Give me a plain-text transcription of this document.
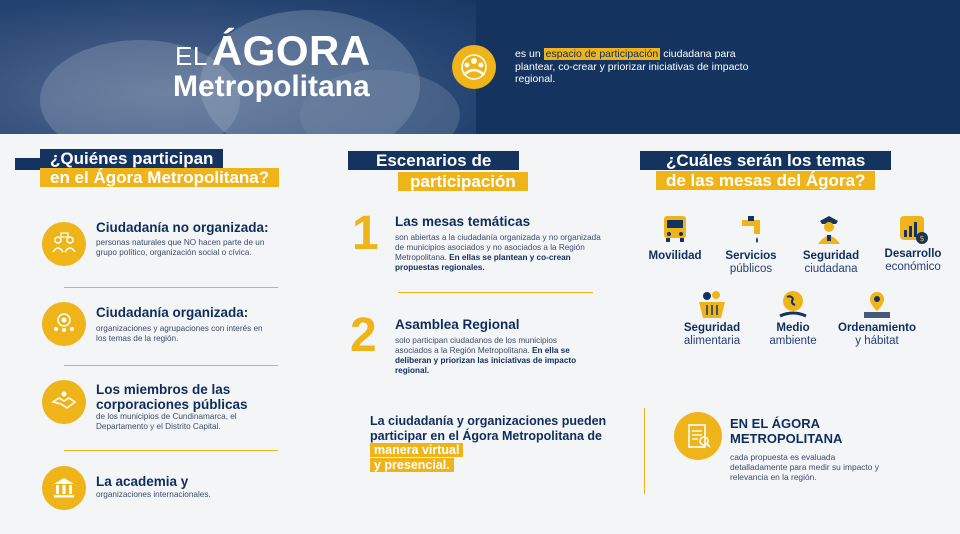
ELÁGORA
Metropolitana
es un espacio de participación ciudadana para plantear, co-crear y priorizar iniciativas de impacto regional.
¿Quiénes participan
en el Ágora Metropolitana?
Ciudadanía no organizada:
personas naturales que NO hacen parte de un grupo político, organización social o cívica.
Ciudadanía organizada:
organizaciones y agrupaciones con interés en los temas de la región.
Los miembros de las
corporaciones públicas
de los municipios de Cundinamarca, el Departamento y el Distrito Capital.
La academia y
organizaciones internacionales.
Escenarios de
participación
1 Las mesas temáticas
son abiertas a la ciudadanía organizada y no organizada de municipios asociados y no asociados a la Región Metropolitana. En ellas se plantean y co-crean propuestas regionales.
2 Asamblea Regional
solo participan ciudadanos de los municipios asociados a la Región Metropolitana. En ella se deliberan y priorizan las iniciativas de impacto regional.
La ciudadanía y organizaciones pueden participar en el Ágora Metropolitana de manera virtual
y presencial.
¿Cuáles serán los temas
de las mesas del Ágora?
$
Movilidad	Servicios
públicos
Seguridad
ciudadana
Desarrollo
económico
Seguridad
alimentaria
Medio
ambiente
Ordenamiento
y hábitat
EN EL ÁGORA
METROPOLITANA
cada propuesta es evaluada detalladamente para medir su impacto y relevancia en la región.
